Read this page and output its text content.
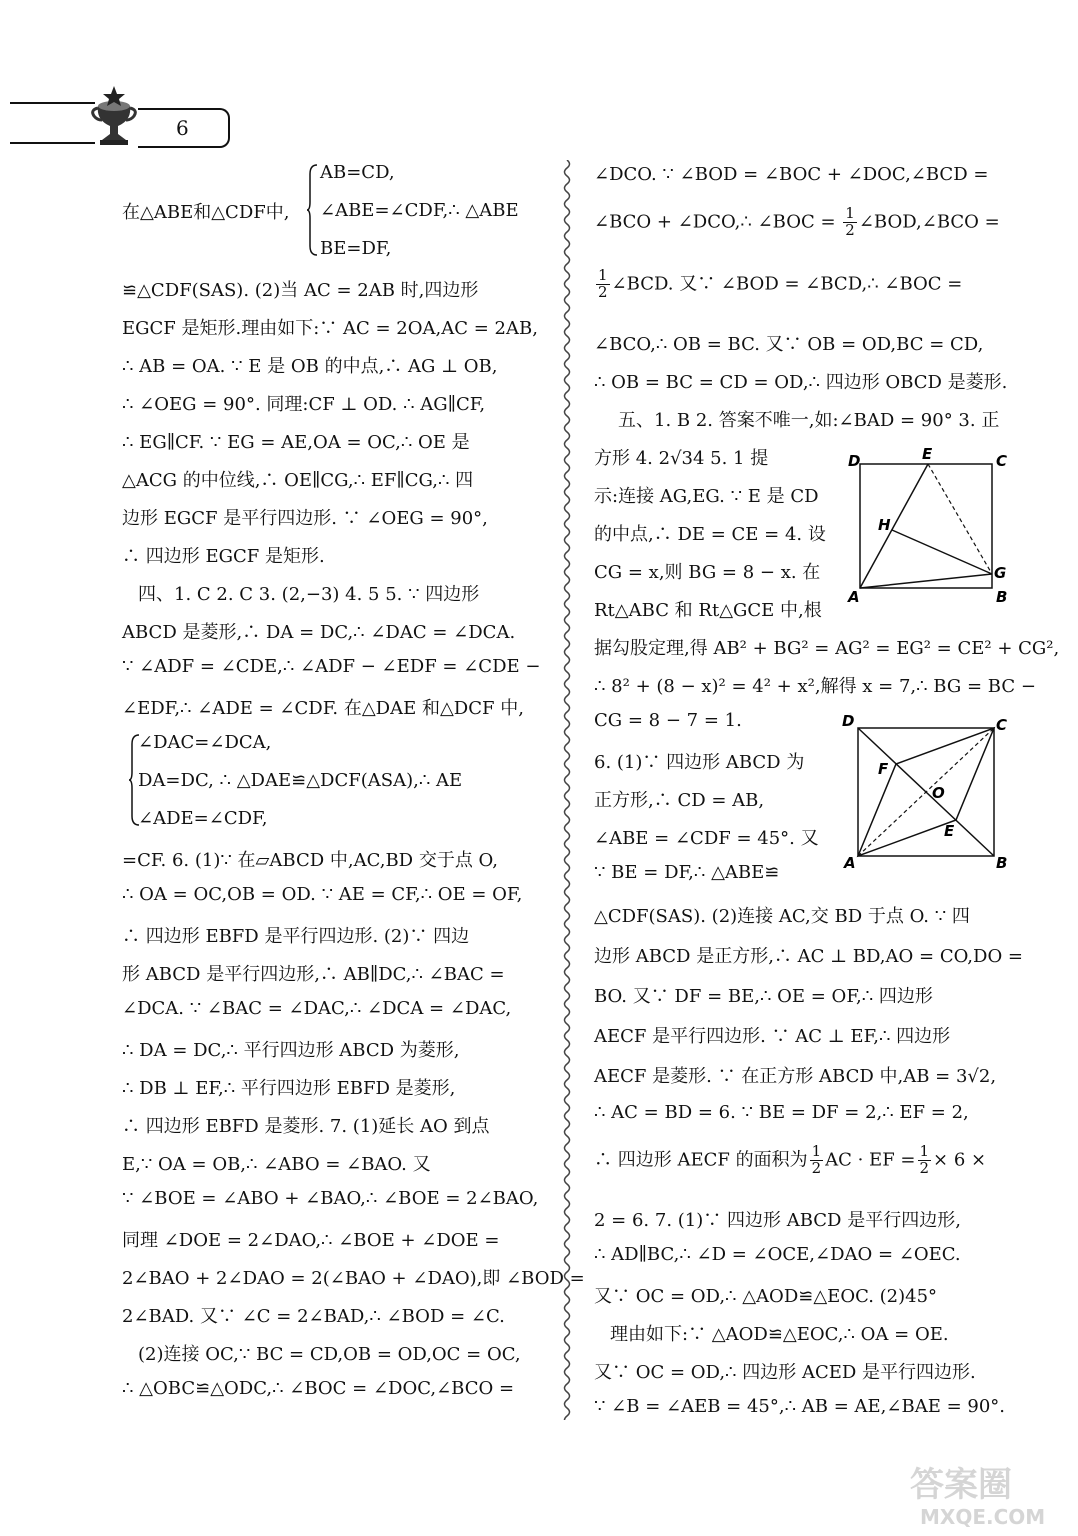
6
在△ABE和△CDF中,
AB=CD,
∠ABE=∠CDF,∴ △ABE
BE=DF,
≌△CDF(SAS). (2)当 AC = 2AB 时,四边形
EGCF 是矩形.理由如下:∵ AC = 2OA,AC = 2AB,
∴ AB = OA. ∵ E 是 OB 的中点,∴ AG ⊥ OB,
∴ ∠OEG = 90°. 同理:CF ⊥ OD. ∴ AG∥CF,
∴ EG∥CF. ∵ EG = AE,OA = OC,∴ OE 是
△ACG 的中位线,∴ OE∥CG,∴ EF∥CG,∴ 四
边形 EGCF 是平行四边形. ∵ ∠OEG = 90°,
∴ 四边形 EGCF 是矩形.
四、1. C 2. C 3. (2,−3) 4. 5 5. ∵ 四边形
ABCD 是菱形,∴ DA = DC,∴ ∠DAC = ∠DCA.
∵ ∠ADF = ∠CDE,∴ ∠ADF − ∠EDF = ∠CDE −
∠EDF,∴ ∠ADE = ∠CDF. 在△DAE 和△DCF 中,
∠DAC=∠DCA,
DA=DC, ∴ △DAE≌△DCF(ASA),∴ AE
∠ADE=∠CDF,
=CF. 6. (1)∵ 在▱ABCD 中,AC,BD 交于点 O,
∴ OA = OC,OB = OD. ∵ AE = CF,∴ OE = OF,
∴ 四边形 EBFD 是平行四边形. (2)∵ 四边
形 ABCD 是平行四边形,∴ AB∥DC,∴ ∠BAC =
∠DCA. ∵ ∠BAC = ∠DAC,∴ ∠DCA = ∠DAC,
∴ DA = DC,∴ 平行四边形 ABCD 为菱形,
∴ DB ⊥ EF,∴ 平行四边形 EBFD 是菱形,
∴ 四边形 EBFD 是菱形. 7. (1)延长 AO 到点
E,∵ OA = OB,∴ ∠ABO = ∠BAO. 又
∵ ∠BOE = ∠ABO + ∠BAO,∴ ∠BOE = 2∠BAO,
同理 ∠DOE = 2∠DAO,∴ ∠BOE + ∠DOE =
2∠BAO + 2∠DAO = 2(∠BAO + ∠DAO),即 ∠BOD =
2∠BAD. 又∵ ∠C = 2∠BAD,∴ ∠BOD = ∠C.
(2)连接 OC,∵ BC = CD,OB = OD,OC = OC,
∴ △OBC≌△ODC,∴ ∠BOC = ∠DOC,∠BCO =
∠DCO. ∵ ∠BOD = ∠BOC + ∠DOC,∠BCD =
∠BCO + ∠DCO,∴ ∠BOC = $\frac{1}{2}$ ∠BOD,∠BCO =
$\frac{1}{2}$ ∠BCD. 又∵ ∠BOD = ∠BCD,∴ ∠BOC =
∠BCO,∴ OB = BC. 又∵ OB = OD,BC = CD,
∴ OB = BC = CD = OD,∴ 四边形 OBCD 是菱形.
五、1. B 2. 答案不唯一,如:∠BAD = 90° 3. 正
方形 4. 2√34 5. 1 提
示:连接 AG,EG. ∵ E 是 CD
的中点,∴ DE = CE = 4. 设
CG = x,则 BG = 8 − x. 在
Rt△ABC 和 Rt△GCE 中,根
D	E	C
H
G
A	B
据勾股定理,得 AB² + BG² = AG² = EG² = CE² + CG²,
∴ 8² + (8 − x)² = 4² + x²,解得 x = 7,∴ BG = BC −
CG = 8 − 7 = 1.
6. (1)∵ 四边形 ABCD 为
正方形,∴ CD = AB,
∠ABE = ∠CDF = 45°. 又
∵ BE = DF,∴ △ABE≌
D	C
F
O
E
A	B
△CDF(SAS). (2)连接 AC,交 BD 于点 O. ∵ 四
边形 ABCD 是正方形,∴ AC ⊥ BD,AO = CO,DO =
BO. 又∵ DF = BE,∴ OE = OF,∴ 四边形
AECF 是平行四边形. ∵ AC ⊥ EF,∴ 四边形
AECF 是菱形. ∵ 在正方形 ABCD 中,AB = 3√2,
∴ AC = BD = 6. ∵ BE = DF = 2,∴ EF = 2,
∴ 四边形 AECF 的面积为 $\frac{1}{2}$ AC · EF = $\frac{1}{2} \times 6$ ×
2 = 6. 7. (1)∵ 四边形 ABCD 是平行四边形,
∴ AD∥BC,∴ ∠D = ∠OCE,∠DAO = ∠OEC.
又∵ OC = OD,∴ △AOD≌△EOC. (2)45°
理由如下:∵ △AOD≌△EOC,∴ OA = OE.
又∵ OC = OD,∴ 四边形 ACED 是平行四边形.
∵ ∠B = ∠AEB = 45°,∴ AB = AE,∠BAE = 90°.
答案圈
MXQE.COM
